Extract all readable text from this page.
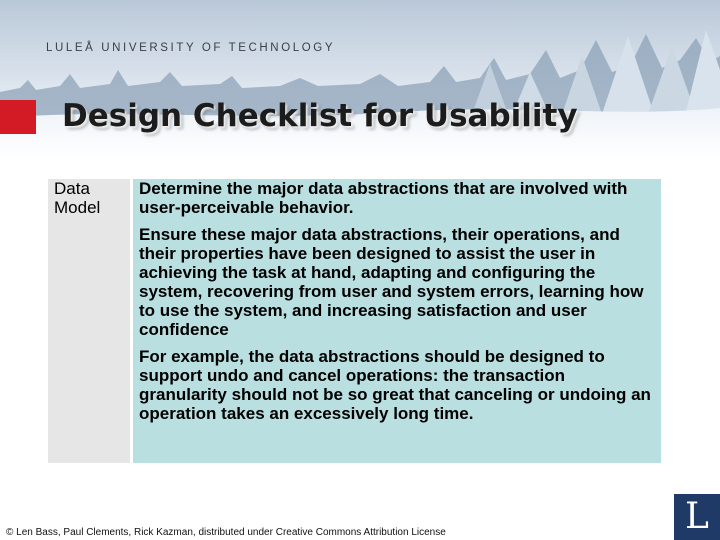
LULEÅ UNIVERSITY OF TECHNOLOGY
Design Checklist for Usability
Data
Model

Determine the major data abstractions that are involved with user-perceivable behavior.

Ensure these major data abstractions, their operations, and their properties have been designed to assist the user in achieving the task at hand, adapting and configuring the system, recovering from user and system errors, learning how to use the system, and increasing satisfaction and user confidence

For example, the data abstractions should be designed to support undo and cancel operations: the transaction granularity should not be so great that canceling or undoing an operation takes an excessively long time.

© Len Bass, Paul Clements, Rick Kazman, distributed under Creative Commons Attribution License	L
